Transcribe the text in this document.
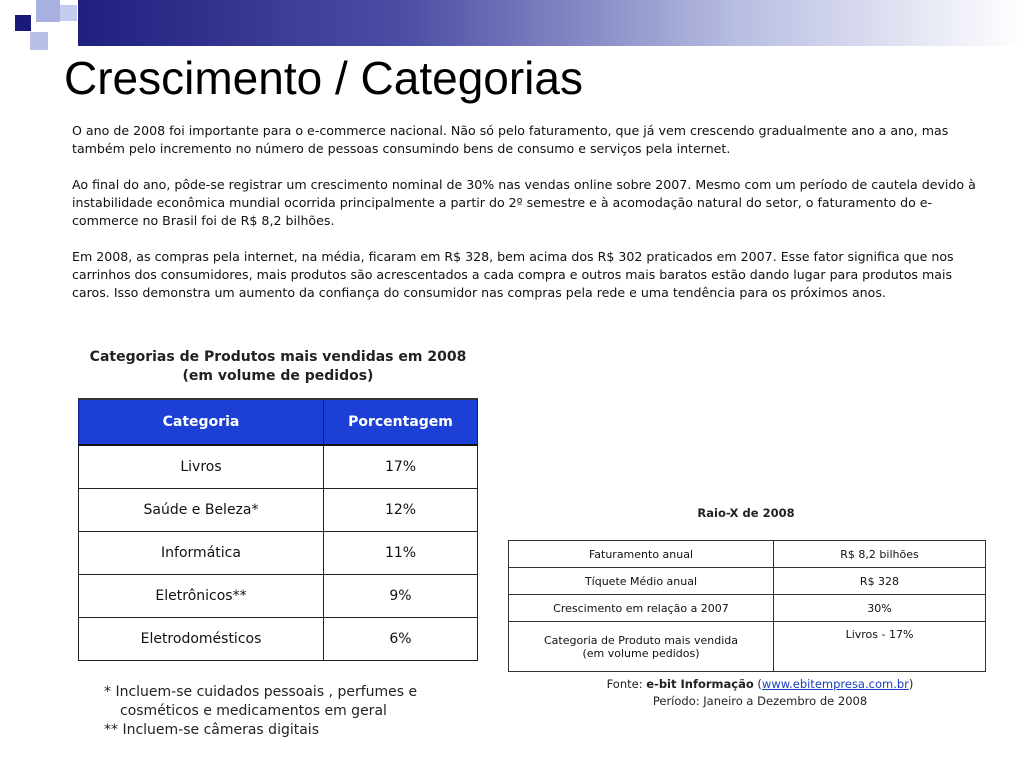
Crescimento / Categorias

O ano de 2008 foi importante para o e-commerce nacional. Não só pelo faturamento, que já vem crescendo gradualmente ano a ano, mas também pelo incremento no número de pessoas consumindo bens de consumo e serviços pela internet.

Ao final do ano, pôde-se registrar um crescimento nominal de 30% nas vendas online sobre 2007. Mesmo com um período de cautela devido à instabilidade econômica mundial ocorrida principalmente a partir do 2º semestre e à acomodação natural do setor, o faturamento do e-commerce no Brasil foi de R$ 8,2 bilhões.

Em 2008, as compras pela internet, na média, ficaram em R$ 328, bem acima dos R$ 302 praticados em 2007. Esse fator significa que nos carrinhos dos consumidores, mais produtos são acrescentados a cada compra e outros mais baratos estão dando lugar para produtos mais caros. Isso demonstra um aumento da confiança do consumidor nas compras pela rede e uma tendência para os próximos anos.

Categorias de Produtos mais vendidas em 2008
(em volume de pedidos)
Categoria	Porcentagem
Livros	17%
Saúde e Beleza*	12%
Informática	11%
Eletrônicos**	9%
Eletrodomésticos	6%
* Incluem-se cuidados pessoais , perfumes e
cosméticos e medicamentos em geral
** Incluem-se câmeras digitais
Raio-X de 2008
Faturamento anual	R$ 8,2 bilhões
Tíquete Médio anual	R$ 328
Crescimento em relação a 2007	30%

Categoria de Produto mais vendida
(em volume pedidos)	Livros - 17%
Fonte: e-bit Informação (www.ebitempresa.com.br)
Período: Janeiro a Dezembro de 2008
